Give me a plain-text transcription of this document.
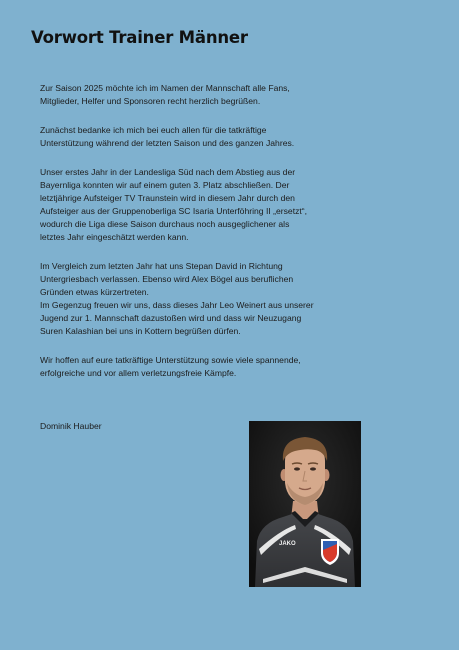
Vorwort Trainer Männer

Zur Saison 2025 möchte ich im Namen der Mannschaft alle Fans,
Mitglieder, Helfer und Sponsoren recht herzlich begrüßen.

Zunächst bedanke ich mich bei euch allen für die tatkräftige
Unterstützung während der letzten Saison und des ganzen Jahres.

Unser erstes Jahr in der Landesliga Süd nach dem Abstieg aus der
Bayernliga konnten wir auf einem guten 3. Platz abschließen. Der
letztjährige Aufsteiger TV Traunstein wird in diesem Jahr durch den
Aufsteiger aus der Gruppenoberliga SC Isaria Unterföhring II „ersetzt“,
wodurch die Liga diese Saison durchaus noch ausgeglichener als
letztes Jahr eingeschätzt werden kann.

Im Vergleich zum letzten Jahr hat uns Stepan David in Richtung
Untergriesbach verlassen. Ebenso wird Alex Bögel aus beruflichen
Gründen etwas kürzertreten.
Im Gegenzug freuen wir uns, dass dieses Jahr Leo Weinert aus unserer
Jugend zur 1. Mannschaft dazustoßen wird und dass wir Neuzugang
Suren Kalashian bei uns in Kottern begrüßen dürfen.

Wir hoffen auf eure tatkräftige Unterstützung sowie viele spannende,
erfolgreiche und vor allem verletzungsfreie Kämpfe.

Dominik Hauber
JAKO
